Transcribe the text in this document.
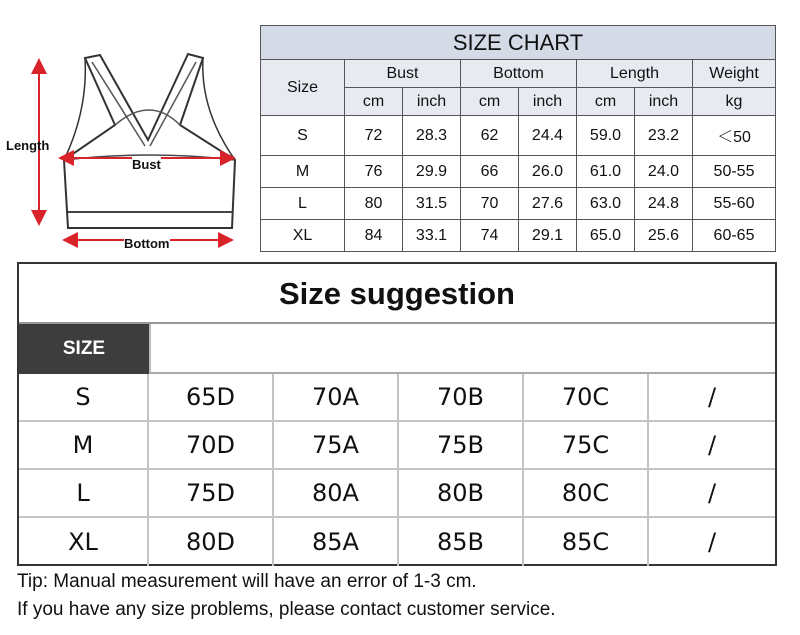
Length
Bust
Bottom
SIZE CHART							
Size	Bust		Bottom		Length		Weight
	cm	inch	cm	inch	cm	inch	kg
S	72	28.3	62	24.4	59.0	23.2	＜50
M	76	29.9	66	26.0	61.0	24.0	50-55
L	80	31.5	70	27.6	63.0	24.8	55-60
XL	84	33.1	74	29.1	65.0	25.6	60-65
Size suggestion
SIZE
S	65D	70A	70B	70C	/
M	70D	75A	75B	75C	/
L	75D	80A	80B	80C	/
XL	80D	85A	85B	85C	/
Tip: Manual measurement will have an error of 1-3 cm.
If you have any size problems, please contact customer service.
